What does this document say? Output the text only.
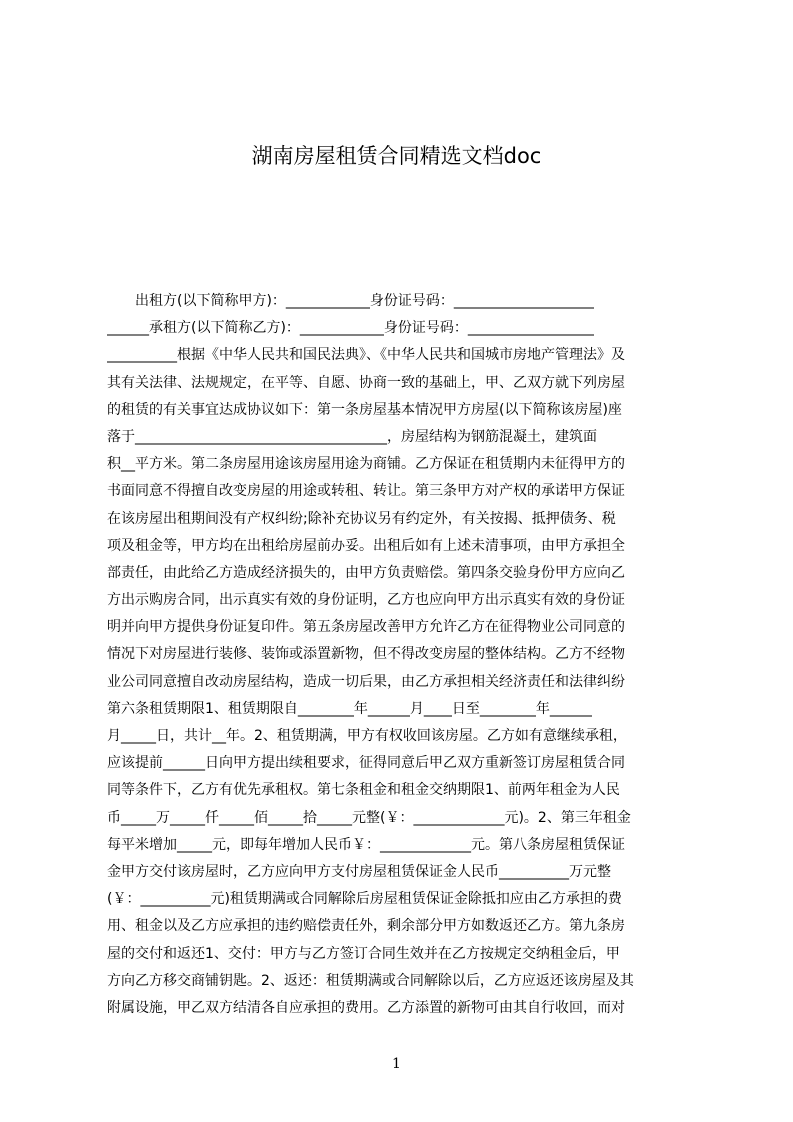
湖南房屋租赁合同精选文档doc
　　出租方(以下简称甲方)：____________身份证号码：____________________
______承租方(以下简称乙方)：____________身份证号码：__________________
__________根据《中华人民共和国民法典》、《中华人民共和国城市房地产管理法》及
其有关法律、法规规定，在平等、自愿、协商一致的基础上，甲、乙双方就下列房屋
的租赁的有关事宜达成协议如下：第一条房屋基本情况甲方房屋(以下简称该房屋)座
落于____________________________________，房屋结构为钢筋混凝土，建筑面
积__平方米。第二条房屋用途该房屋用途为商铺。乙方保证在租赁期内未征得甲方的
书面同意不得擅自改变房屋的用途或转租、转让。第三条甲方对产权的承诺甲方保证
在该房屋出租期间没有产权纠纷;除补充协议另有约定外，有关按揭、抵押债务、税
项及租金等，甲方均在出租给房屋前办妥。出租后如有上述未清事项，由甲方承担全
部责任，由此给乙方造成经济损失的，由甲方负责赔偿。第四条交验身份甲方应向乙
方出示购房合同，出示真实有效的身份证明，乙方也应向甲方出示真实有效的身份证
明并向甲方提供身份证复印件。第五条房屋改善甲方允许乙方在征得物业公司同意的
情况下对房屋进行装修、装饰或添置新物，但不得改变房屋的整体结构。乙方不经物
业公司同意擅自改动房屋结构，造成一切后果，由乙方承担相关经济责任和法律纠纷
第六条租赁期限1、租赁期限自________年______月____日至________年______
月_____日，共计__年。2、租赁期满，甲方有权收回该房屋。乙方如有意继续承租，
应该提前______日向甲方提出续租要求，征得同意后甲乙双方重新签订房屋租赁合同
同等条件下，乙方有优先承租权。第七条租金和租金交纳期限1、前两年租金为人民
币_____万_____仟_____佰_____拾_____元整(￥：_____________元)。2、第三年租金
每平米增加_____元，即每年增加人民币￥：_____________元。第八条房屋租赁保证
金甲方交付该房屋时，乙方应向甲方支付房屋租赁保证金人民币__________万元整
(￥：__________元)租赁期满或合同解除后房屋租赁保证金除抵扣应由乙方承担的费
用、租金以及乙方应承担的违约赔偿责任外，剩余部分甲方如数返还乙方。第九条房
屋的交付和返还1、交付：甲方与乙方签订合同生效并在乙方按规定交纳租金后，甲
方向乙方移交商铺钥匙。2、返还：租赁期满或合同解除以后，乙方应返还该房屋及其
附属设施，甲乙双方结清各自应承担的费用。乙方添置的新物可由其自行收回，而对
1
